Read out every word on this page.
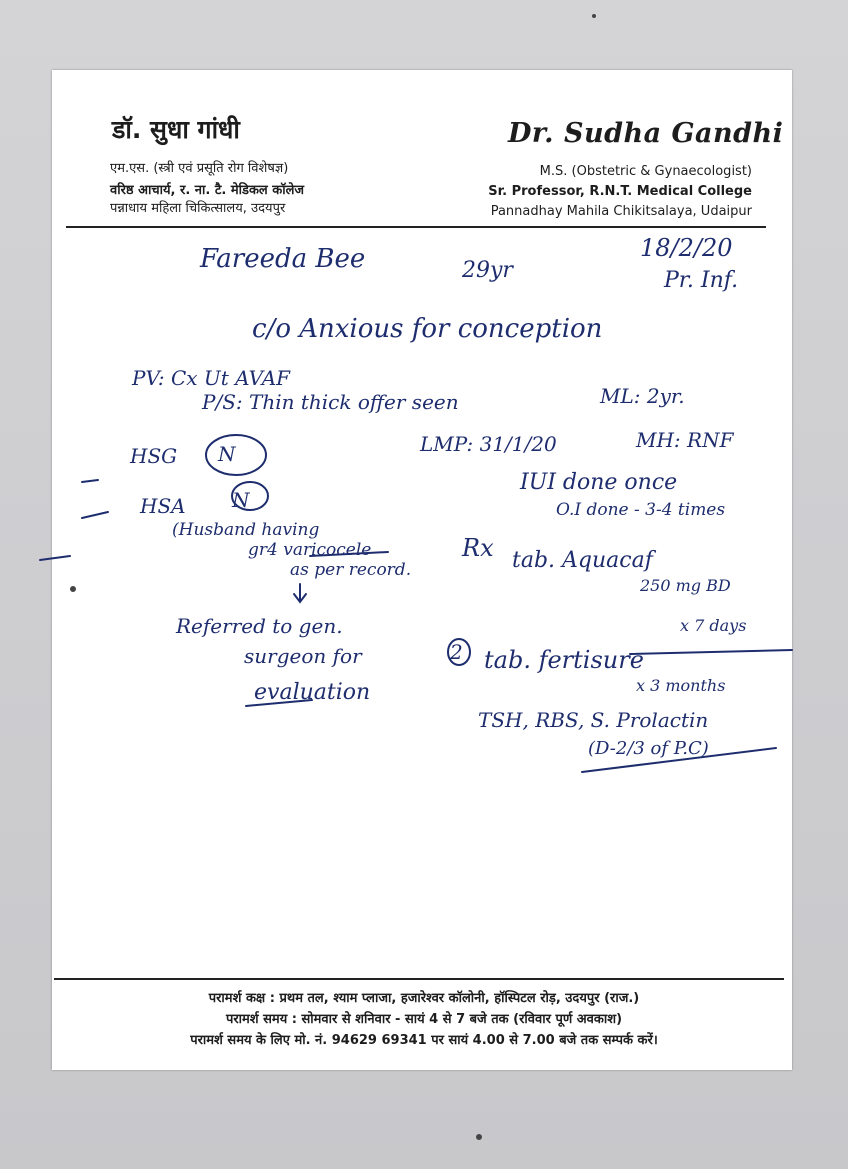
डॉ. सुधा गांधी
एम.एस. (स्त्री एवं प्रसूति रोग विशेषज्ञ)
वरिष्ठ आचार्य, र. ना. टै. मेडिकल कॉलेज
पन्नाधाय महिला चिकित्सालय, उदयपुर
Dr. Sudha Gandhi
M.S. (Obstetric & Gynaecologist)
Sr. Professor, R.N.T. Medical College
Pannadhay Mahila Chikitsalaya, Udaipur
Fareeda Bee	29yr
18/2/20
Pr. Inf.
c/o Anxious for conception
PV: Cx Ut AVAF
P/S: Thin thick offer seen	ML: 2yr.
HSG N	LMP: 31/1/20	MH: RNF
IUI done once
O.I done - 3-4 times
HSA N
(Husband having
gr4 varicocele
as per record.
Referred to gen.
surgeon for
evaluation
Rx tab. Aquacaf
250 mg BD
x 7 days
2 tab. fertisure
x 3 months
TSH, RBS, S. Prolactin
(D-2/3 of P.C)
परामर्श कक्ष : प्रथम तल, श्याम प्लाजा, हजारेश्वर कॉलोनी, हॉस्पिटल रोड़, उदयपुर (राज.)
परामर्श समय : सोमवार से शनिवार - सायं 4 से 7 बजे तक (रविवार पूर्ण अवकाश)
परामर्श समय के लिए मो. नं. 94629 69341 पर सायं 4.00 से 7.00 बजे तक सम्पर्क करें।
